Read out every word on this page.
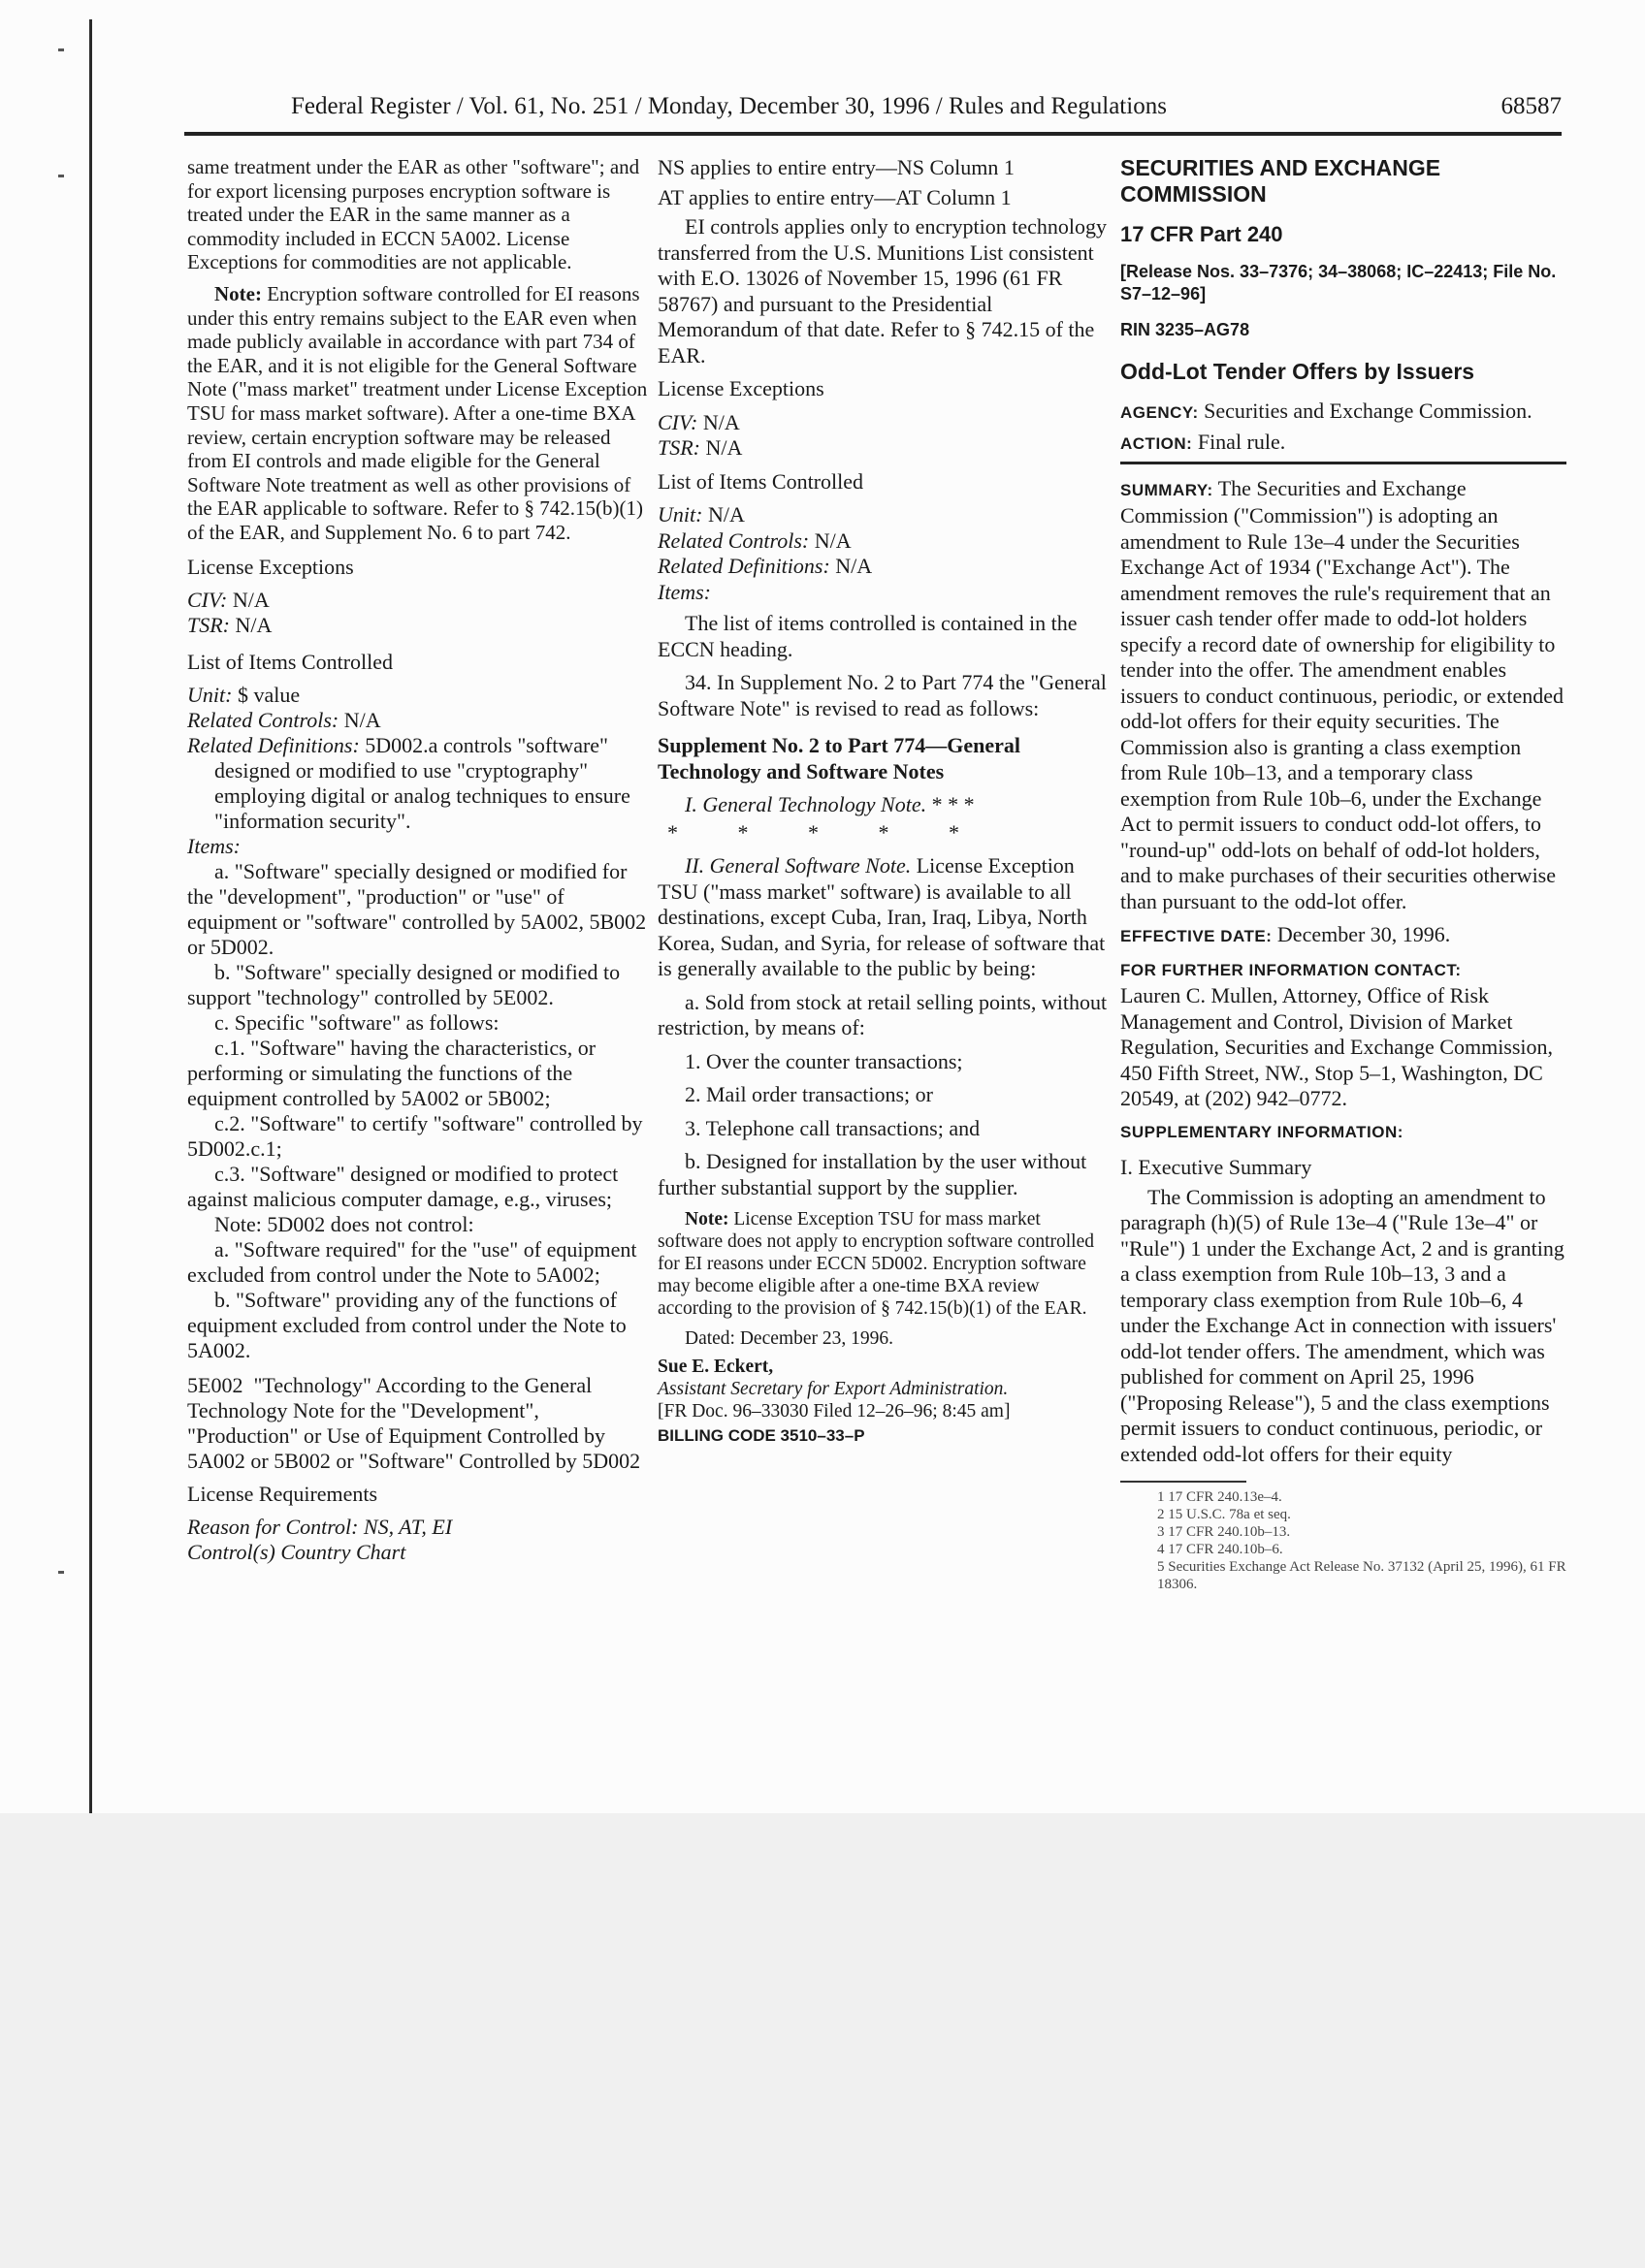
Federal Register / Vol. 61, No. 251 / Monday, December 30, 1996 / Rules and Regulations	68587

same treatment under the EAR as other "software"; and for export licensing purposes encryption software is treated under the EAR in the same manner as a commodity included in ECCN 5A002. License Exceptions for commodities are not applicable.

Note: Encryption software controlled for EI reasons under this entry remains subject to the EAR even when made publicly available in accordance with part 734 of the EAR, and it is not eligible for the General Software Note ("mass market" treatment under License Exception TSU for mass market software). After a one-time BXA review, certain encryption software may be released from EI controls and made eligible for the General Software Note treatment as well as other provisions of the EAR applicable to software. Refer to § 742.15(b)(1) of the EAR, and Supplement No. 6 to part 742.

License Exceptions

CIV: N/A
TSR: N/A

List of Items Controlled

Unit: $ value
Related Controls: N/A
Related Definitions: 5D002.a controls "software" designed or modified to use "cryptography" employing digital or analog techniques to ensure "information security".
Items:
a. "Software" specially designed or modified for the "development", "production" or "use" of equipment or "software" controlled by 5A002, 5B002 or 5D002.
b. "Software" specially designed or modified to support "technology" controlled by 5E002.
c. Specific "software" as follows:
c.1. "Software" having the characteristics, or performing or simulating the functions of the equipment controlled by 5A002 or 5B002;
c.2. "Software" to certify "software" controlled by 5D002.c.1;
c.3. "Software" designed or modified to protect against malicious computer damage, e.g., viruses;
Note: 5D002 does not control:
a. "Software required" for the "use" of equipment excluded from control under the Note to 5A002;
b. "Software" providing any of the functions of equipment excluded from control under the Note to 5A002.

5E002 "Technology" According to the General Technology Note for the "Development", "Production" or Use of Equipment Controlled by 5A002 or 5B002 or "Software" Controlled by 5D002

License Requirements

Reason for Control: NS, AT, EI
Control(s) Country Chart
NS applies to entire entry—NS Column 1
AT applies to entire entry—AT Column 1

EI controls applies only to encryption technology transferred from the U.S. Munitions List consistent with E.O. 13026 of November 15, 1996 (61 FR 58767) and pursuant to the Presidential Memorandum of that date. Refer to § 742.15 of the EAR.

License Exceptions

CIV: N/A
TSR: N/A

List of Items Controlled

Unit: N/A
Related Controls: N/A
Related Definitions: N/A
Items:

The list of items controlled is contained in the ECCN heading.

34. In Supplement No. 2 to Part 774 the "General Software Note" is revised to read as follows:

Supplement No. 2 to Part 774—General Technology and Software Notes

I. General Technology Note. * * *
* * * * *

II. General Software Note. License Exception TSU ("mass market" software) is available to all destinations, except Cuba, Iran, Iraq, Libya, North Korea, Sudan, and Syria, for release of software that is generally available to the public by being:

a. Sold from stock at retail selling points, without restriction, by means of:

1. Over the counter transactions;

2. Mail order transactions; or

3. Telephone call transactions; and

b. Designed for installation by the user without further substantial support by the supplier.

Note: License Exception TSU for mass market software does not apply to encryption software controlled for EI reasons under ECCN 5D002. Encryption software may become eligible after a one-time BXA review according to the provision of § 742.15(b)(1) of the EAR.

Dated: December 23, 1996.
Sue E. Eckert,
Assistant Secretary for Export Administration.
[FR Doc. 96–33030 Filed 12–26–96; 8:45 am]
BILLING CODE 3510–33–P
SECURITIES AND EXCHANGE COMMISSION
17 CFR Part 240
[Release Nos. 33–7376; 34–38068; IC–22413; File No. S7–12–96]
RIN 3235–AG78
Odd-Lot Tender Offers by Issuers
AGENCY: Securities and Exchange Commission.
ACTION: Final rule.

SUMMARY: The Securities and Exchange Commission ("Commission") is adopting an amendment to Rule 13e–4 under the Securities Exchange Act of 1934 ("Exchange Act"). The amendment removes the rule's requirement that an issuer cash tender offer made to odd-lot holders specify a record date of ownership for eligibility to tender into the offer. The amendment enables issuers to conduct continuous, periodic, or extended odd-lot offers for their equity securities. The Commission also is granting a class exemption from Rule 10b–13, and a temporary class exemption from Rule 10b–6, under the Exchange Act to permit issuers to conduct odd-lot offers, to "round-up" odd-lots on behalf of odd-lot holders, and to make purchases of their securities otherwise than pursuant to the odd-lot offer.

EFFECTIVE DATE: December 30, 1996.

FOR FURTHER INFORMATION CONTACT:

Lauren C. Mullen, Attorney, Office of Risk Management and Control, Division of Market Regulation, Securities and Exchange Commission, 450 Fifth Street, NW., Stop 5–1, Washington, DC 20549, at (202) 942–0772.

SUPPLEMENTARY INFORMATION:
I. Executive Summary

The Commission is adopting an amendment to paragraph (h)(5) of Rule 13e–4 ("Rule 13e–4" or "Rule") 1 under the Exchange Act, 2 and is granting a class exemption from Rule 10b–13, 3 and a temporary class exemption from Rule 10b–6, 4 under the Exchange Act in connection with issuers' odd-lot tender offers. The amendment, which was published for comment on April 25, 1996 ("Proposing Release"), 5 and the class exemptions permit issuers to conduct continuous, periodic, or extended odd-lot offers for their equity

1 17 CFR 240.13e–4.
2 15 U.S.C. 78a et seq.
3 17 CFR 240.10b–13.
4 17 CFR 240.10b–6.
5 Securities Exchange Act Release No. 37132 (April 25, 1996), 61 FR 18306.
